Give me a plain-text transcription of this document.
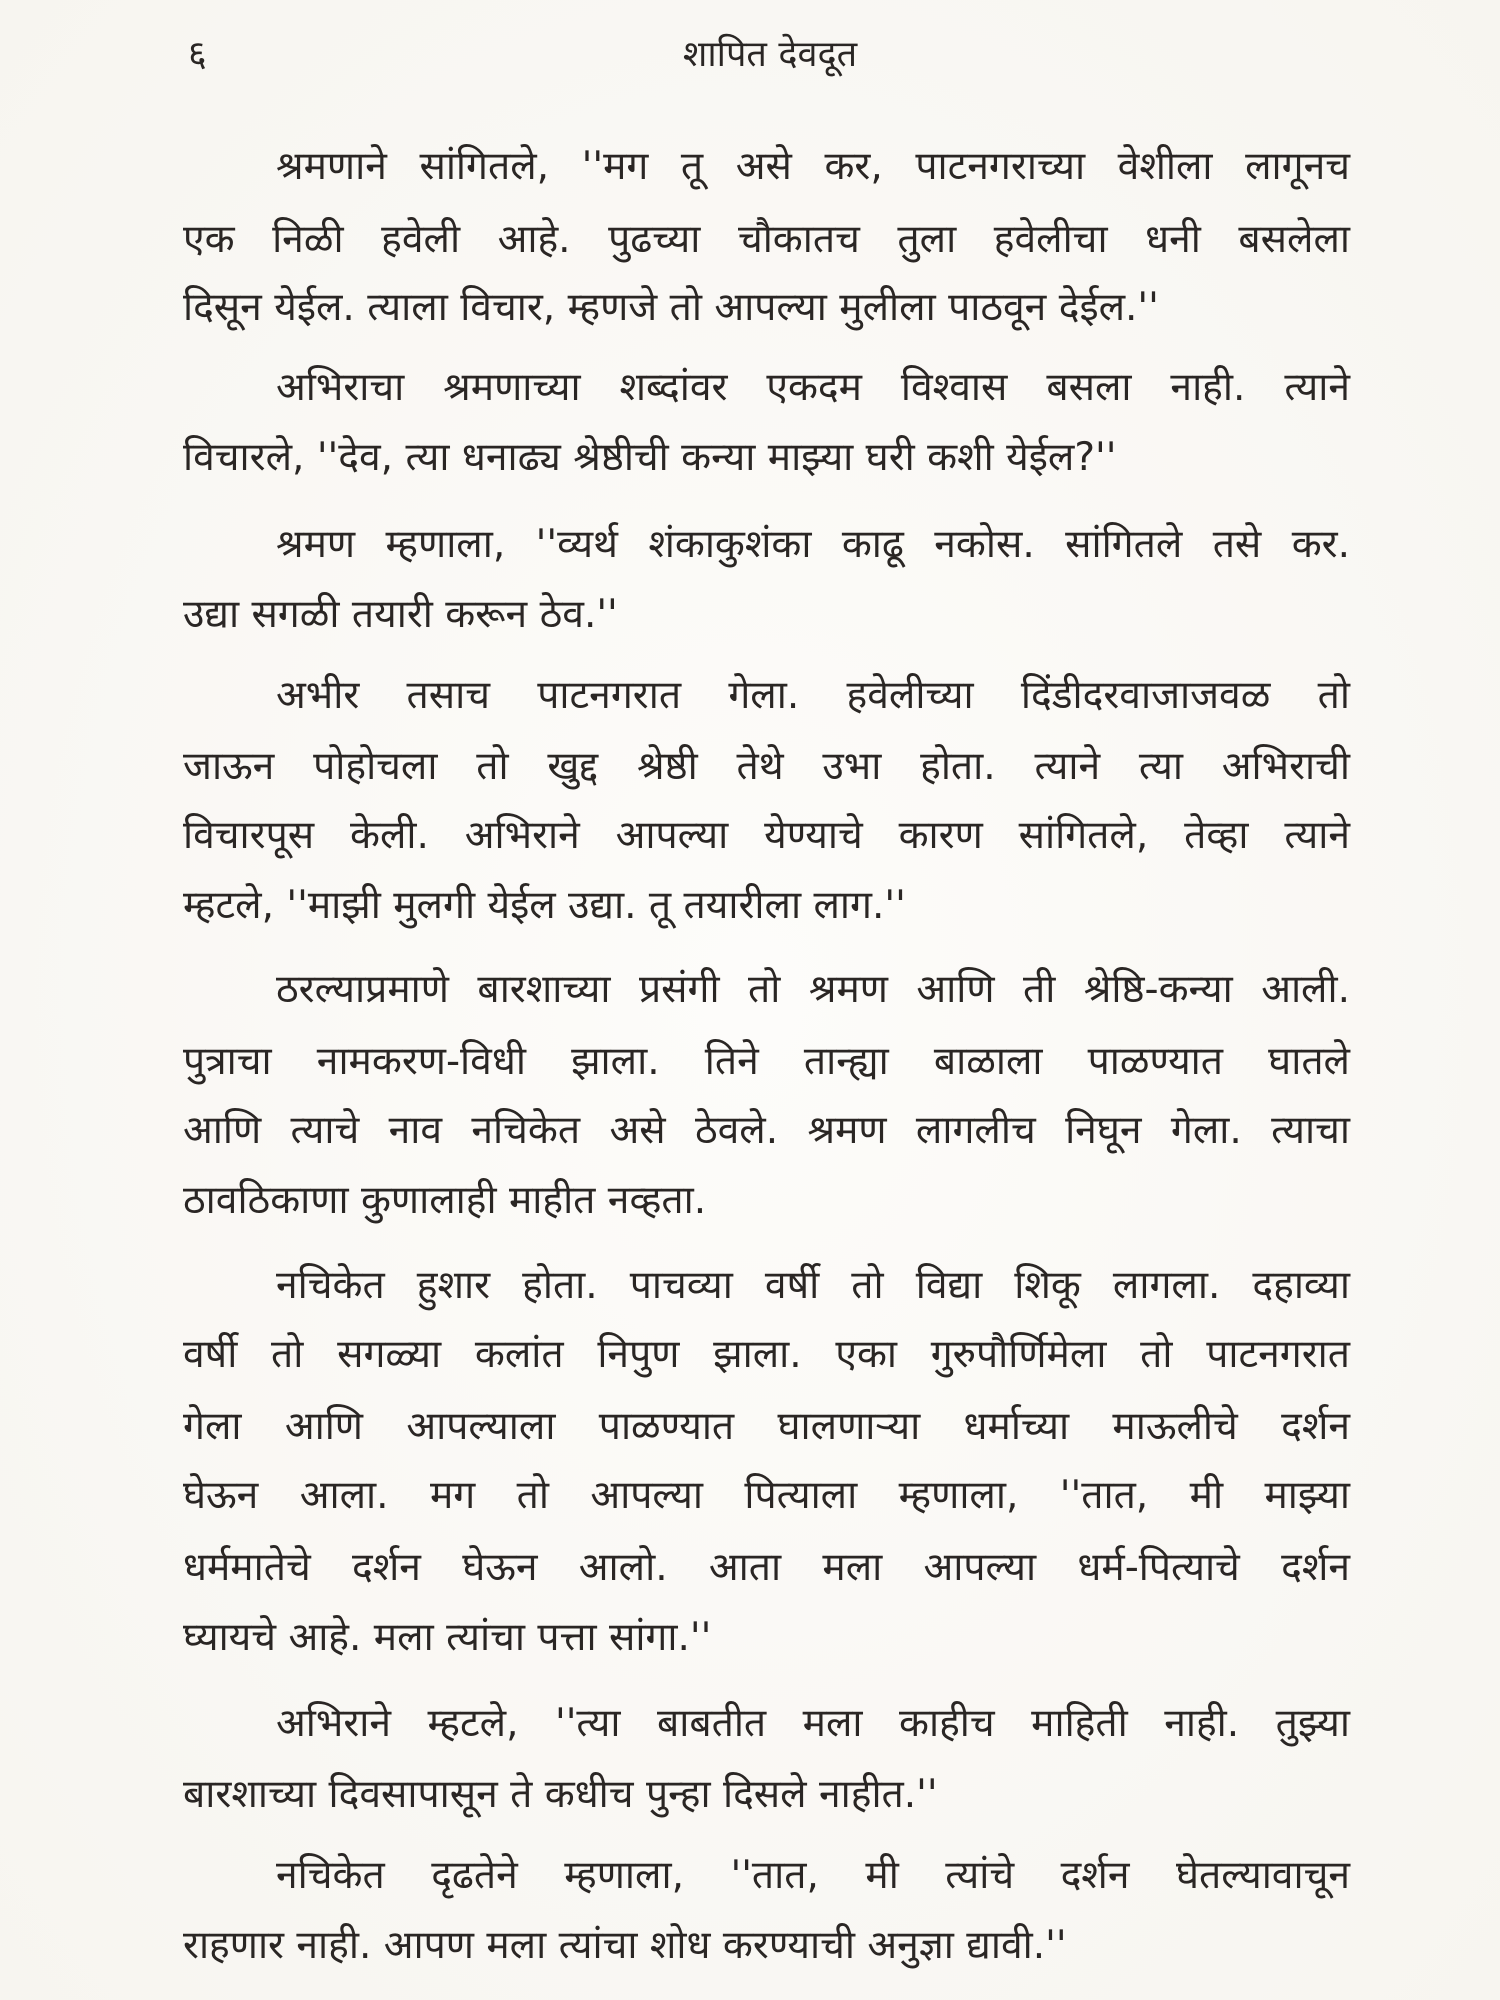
६	शापित देवदूत
श्रमणाने सांगितले, ''मग तू असे कर, पाटनगराच्या वेशीला लागूनच
एक निळी हवेली आहे. पुढच्या चौकातच तुला हवेलीचा धनी बसलेला
दिसून येईल. त्याला विचार, म्हणजे तो आपल्या मुलीला पाठवून देईल.''
अभिराचा श्रमणाच्या शब्दांवर एकदम विश्वास बसला नाही. त्याने
विचारले, ''देव, त्या धनाढ्य श्रेष्ठीची कन्या माझ्या घरी कशी येईल?''
श्रमण म्हणाला, ''व्यर्थ शंकाकुशंका काढू नकोस. सांगितले तसे कर.
उद्या सगळी तयारी करून ठेव.''
अभीर तसाच पाटनगरात गेला. हवेलीच्या दिंडीदरवाजाजवळ तो
जाऊन पोहोचला तो खुद्द श्रेष्ठी तेथे उभा होता. त्याने त्या अभिराची
विचारपूस केली. अभिराने आपल्या येण्याचे कारण सांगितले, तेव्हा त्याने
म्हटले, ''माझी मुलगी येईल उद्या. तू तयारीला लाग.''
ठरल्याप्रमाणे बारशाच्या प्रसंगी तो श्रमण आणि ती श्रेष्ठि-कन्या आली.
पुत्राचा नामकरण-विधी झाला. तिने तान्ह्या बाळाला पाळण्यात घातले
आणि त्याचे नाव नचिकेत असे ठेवले. श्रमण लागलीच निघून गेला. त्याचा
ठावठिकाणा कुणालाही माहीत नव्हता.
नचिकेत हुशार होता. पाचव्या वर्षी तो विद्या शिकू लागला. दहाव्या
वर्षी तो सगळ्या कलांत निपुण झाला. एका गुरुपौर्णिमेला तो पाटनगरात
गेला आणि आपल्याला पाळण्यात घालणाऱ्या धर्माच्या माऊलीचे दर्शन
घेऊन आला. मग तो आपल्या पित्याला म्हणाला, ''तात, मी माझ्या
धर्ममातेचे दर्शन घेऊन आलो. आता मला आपल्या धर्म-पित्याचे दर्शन
घ्यायचे आहे. मला त्यांचा पत्ता सांगा.''
अभिराने म्हटले, ''त्या बाबतीत मला काहीच माहिती नाही. तुझ्या
बारशाच्या दिवसापासून ते कधीच पुन्हा दिसले नाहीत.''
नचिकेत दृढतेने म्हणाला, ''तात, मी त्यांचे दर्शन घेतल्यावाचून
राहणार नाही. आपण मला त्यांचा शोध करण्याची अनुज्ञा द्यावी.''
